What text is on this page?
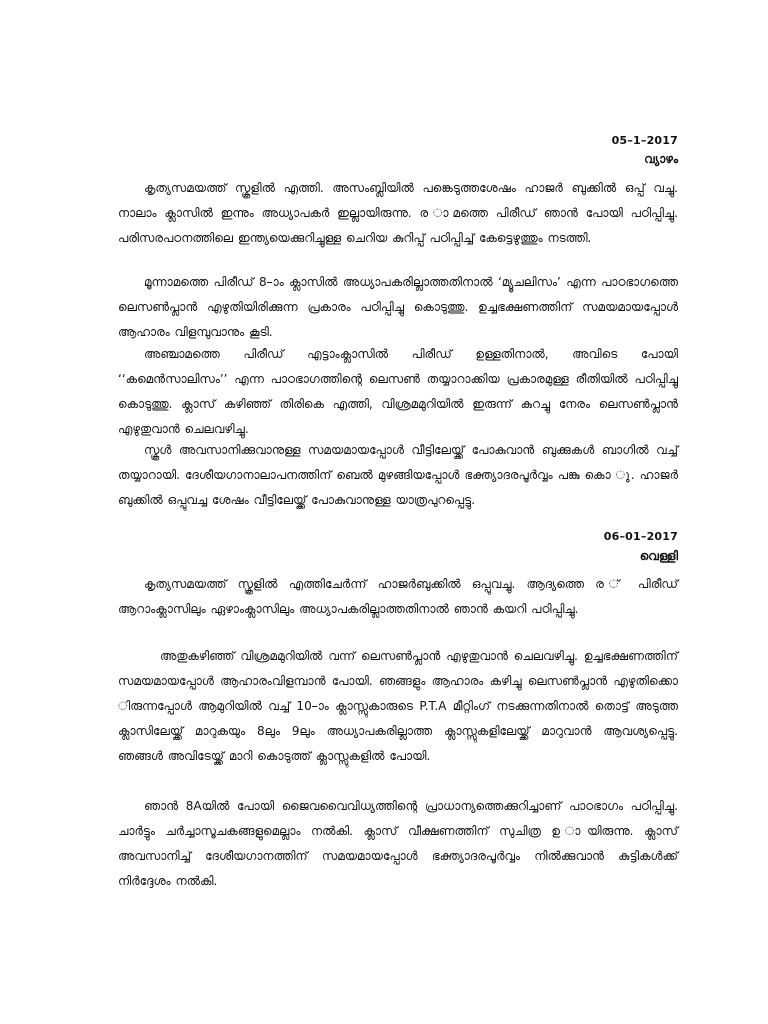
05–1–2017
വ്യാഴം

കൃത്യസമയത്ത് സ്കൂളിൽ എത്തി. അസംബ്ലിയിൽ പങ്കെടുത്തശേഷം ഹാജർ ബുക്കിൽ ഒപ്പ് വച്ചു. നാലാം ക്ലാസിൽ ഇന്നും അധ്യാപകർ ഇല്ലായിരുന്നു. ര ാമത്തെ പിരീഡ് ഞാൻ പോയി പഠിപ്പിച്ചു. പരിസരപഠനത്തിലെ ഇന്ത്യയെക്കുറിച്ചുള്ള ചെറിയ കുറിപ്പ് പഠിപ്പിച്ച് കേട്ടെഴുത്തും നടത്തി.

മൂന്നാമത്തെ പിരീഡ് 8–ാം ക്ലാസിൽ അധ്യാപകരില്ലാത്തതിനാൽ ‘മ്യൂചലിസം’ എന്ന പാഠഭാഗത്തെ ലെസൺപ്ലാൻ എഴുതിയിരിക്കുന്ന പ്രകാരം പഠിപ്പിച്ചു കൊടുത്തു. ഉച്ചഭക്ഷണത്തിന് സമയമായപ്പോൾ ആഹാരം വിളമ്പുവാനും കൂടി.

അഞ്ചാമത്തെ പിരീഡ് എട്ടാംക്ലാസിൽ പിരീഡ് ഉള്ളതിനാൽ, അവിടെ പോയി ‘‘കമെൻസാലിസം’’ എന്ന പാഠഭാഗത്തിന്റെ ലെസൺ തയ്യാറാക്കിയ പ്രകാരമുള്ള രീതിയിൽ പഠിപ്പിച്ചു കൊടുത്തു. ക്ലാസ് കഴിഞ്ഞ് തിരികെ എത്തി, വിശ്രമമുറിയിൽ ഇരുന്ന് കുറച്ചു നേരം ലെസൺപ്ലാൻ എഴുതുവാൻ ചെലവഴിച്ചു.

സ്കൂൾ അവസാനിക്കുവാനുള്ള സമയമായപ്പോൾ വീട്ടിലേയ്ക്ക് പോകുവാൻ ബുക്കുകൾ ബാഗിൽ വച്ച് തയ്യാറായി. ദേശീയഗാനാലാപനത്തിന് ബെൽ മുഴങ്ങിയപ്പോൾ ഭക്ത്യാദരപൂർവ്വം പങ്കു കൊ ു. ഹാജർ ബുക്കിൽ ഒപ്പുവച്ച ശേഷം വീട്ടിലേയ്ക്ക് പോകുവാനുള്ള യാത്രപുറപ്പെട്ടു.

06–01–2017
വെള്ളി

കൃത്യസമയത്ത് സ്കൂളിൽ എത്തിചേർന്ന് ഹാജർബുക്കിൽ ഒപ്പുവച്ചു. ആദ്യത്തെ ര ് പിരീഡ് ആറാംക്ലാസിലും ഏഴാംക്ലാസിലും അധ്യാപകരില്ലാത്തതിനാൽ ഞാൻ കയറി പഠിപ്പിച്ചു.

അതുകഴിഞ്ഞ് വിശ്രമമുറിയിൽ വന്ന് ലെസൺപ്ലാൻ എഴുതുവാൻ ചെലവഴിച്ചു. ഉച്ചഭക്ഷണത്തിന് സമയമായപ്പോൾ ആഹാരംവിളമ്പാൻ പോയി. ഞങ്ങളും ആഹാരം കഴിച്ചു ലെസൺപ്ലാൻ എഴുതിക്കൊ ിരുന്നപ്പോൾ ആമുറിയിൽ വച്ച് 10–ാം ക്ലാസ്സുകാരുടെ P.T.A മീറ്റിംഗ് നടക്കുന്നതിനാൽ തൊട്ട് അടുത്ത ക്ലാസിലേയ്ക്ക് മാറുകയും 8ലും 9ലും അധ്യാപകരില്ലാത്ത ക്ലാസ്സുകളിലേയ്ക്ക് മാറുവാൻ ആവശ്യപ്പെട്ടു. ഞങ്ങൾ അവിടേയ്ക്ക് മാറി കൊടുത്ത് ക്ലാസ്സുകളിൽ പോയി.

ഞാൻ 8Aയിൽ പോയി ജൈവവൈവിധ്യത്തിന്റെ പ്രാധാന്യത്തെക്കുറിച്ചാണ് പാഠഭാഗം പഠിപ്പിച്ചു. ചാർട്ടും ചർച്ചാസൂചകങ്ങളുമെല്ലാം നൽകി. ക്ലാസ് വീക്ഷണത്തിന് സുചിത്ര ഉ ായിരുന്നു. ക്ലാസ് അവസാനിച്ച് ദേശീയഗാനത്തിന് സമയമായപ്പോൾ ഭക്ത്യാദരപൂർവ്വം നിൽക്കുവാൻ കുട്ടികൾക്ക് നിർദ്ദേശം നൽകി.
